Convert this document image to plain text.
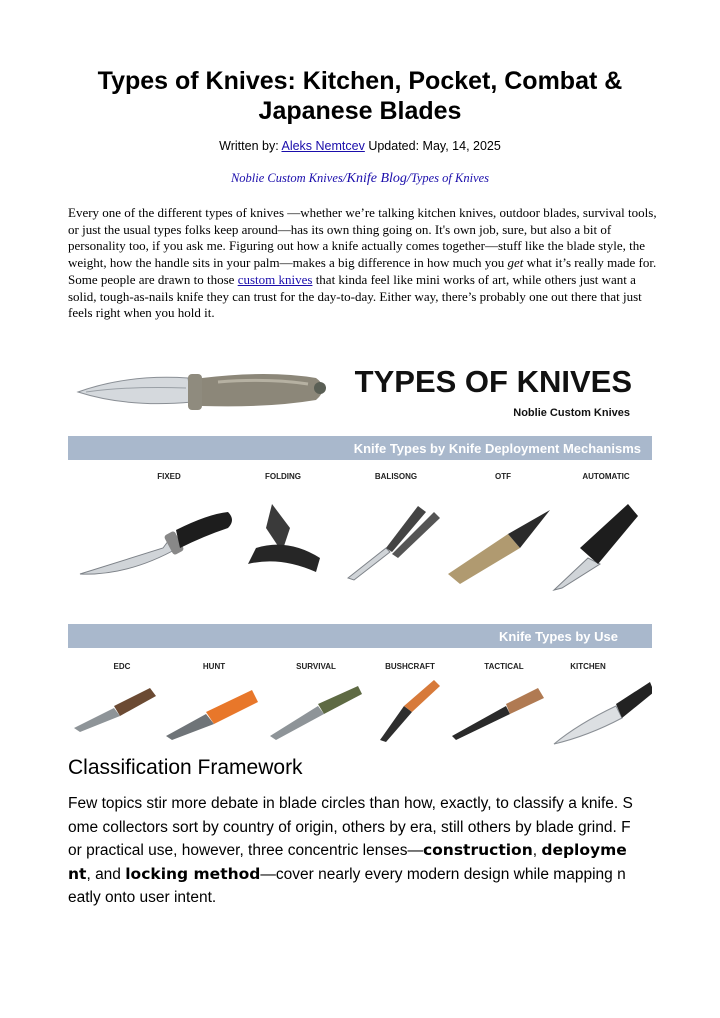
Types of Knives: Kitchen, Pocket, Combat & Japanese Blades
Written by: Aleks Nemtcev Updated: May, 14, 2025
Noblie Custom Knives/Knife Blog/Types of Knives
Every one of the different types of knives —whether we’re talking kitchen knives, outdoor blades, survival tools, or just the usual types folks keep around—has its own thing going on. It's own job, sure, but also a bit of personality too, if you ask me. Figuring out how a knife actually comes together—stuff like the blade style, the weight, how the handle sits in your palm—makes a big difference in how much you get what it’s really made for. Some people are drawn to those custom knives that kinda feel like mini works of art, while others just want a solid, tough-as-nails knife they can trust for the day-to-day. Either way, there’s probably one out there that just feels right when you hold it.
TYPES OF KNIVES
Noblie Custom Knives
Knife Types by Knife Deployment Mechanisms
FIXED	FOLDING	BALISONG	OTF	AUTOMATIC
Knife Types by Use
EDC	HUNT	SURVIVAL	BUSHCRAFT	TACTICAL	KITCHEN
Classification Framework
Few topics stir more debate in blade circles than how, exactly, to classify a knife. S
ome collectors sort by country of origin, others by era, still others by blade grind. F
or practical use, however, three concentric lenses—construction, deployme
nt, and locking method—cover nearly every modern design while mapping n
eatly onto user intent.
